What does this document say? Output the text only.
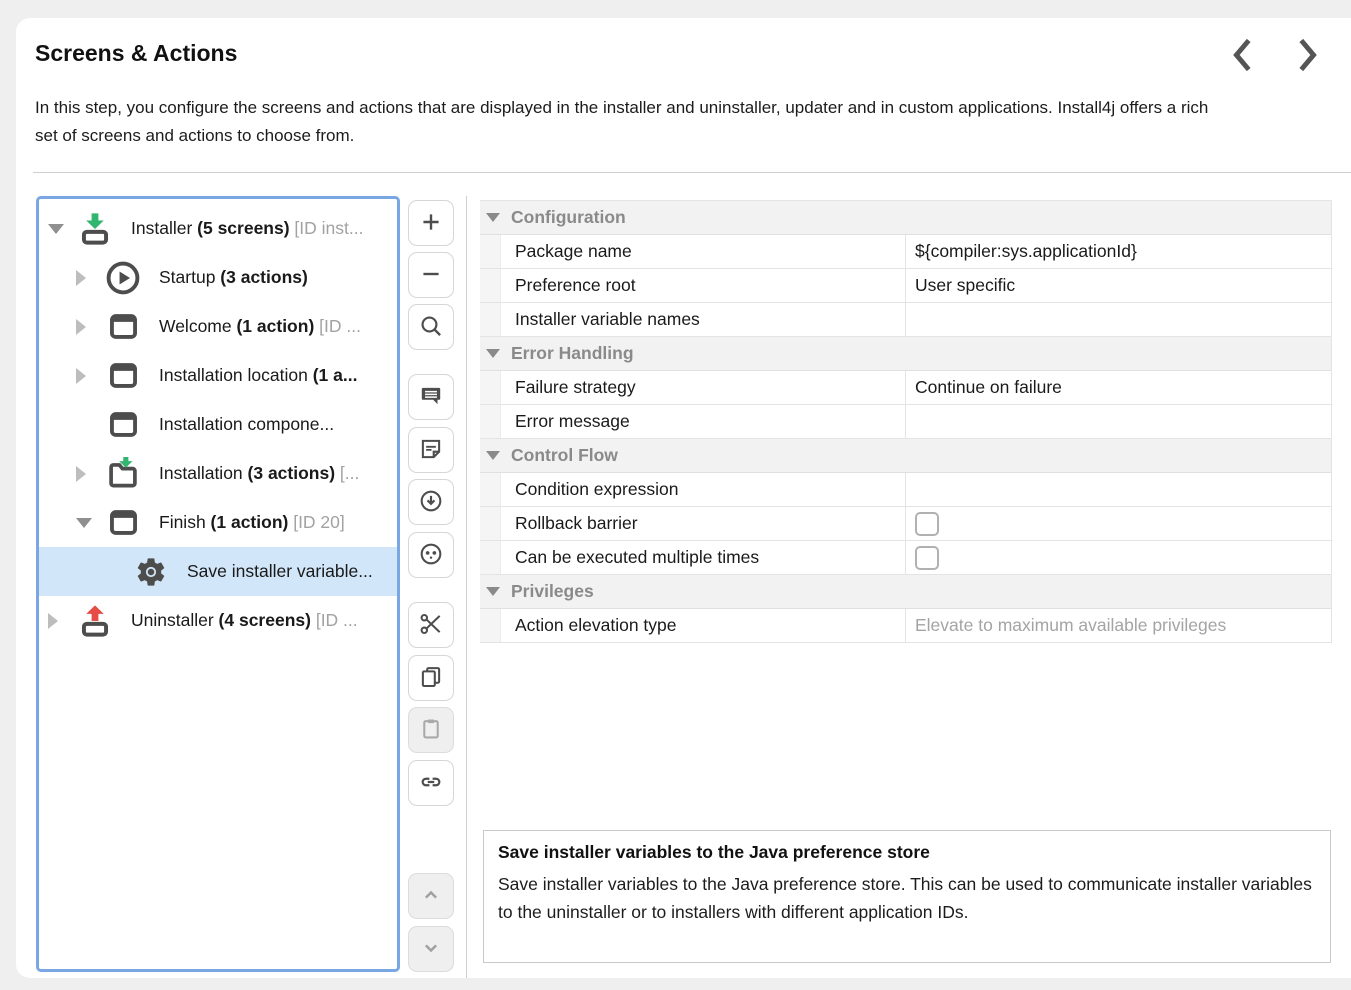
Screens & Actions
In this step, you configure the screens and actions that are displayed in the installer and uninstaller, updater and in custom applications. Install4j offers a rich set of screens and actions to choose from.
Installer (5 screens) [ID inst...
Startup (3 actions)
Welcome (1 action) [ID ...
Installation location (1 a...
Installation compone...
Installation (3 actions) [...
Finish (1 action) [ID 20]
Save installer variable...
Uninstaller (4 screens) [ID ...
Configuration
Package name	${compiler:sys.applicationId}
Preference root	User specific
Installer variable names
Error Handling
Failure strategy	Continue on failure
Error message
Control Flow
Condition expression
Rollback barrier
Can be executed multiple times
Privileges
Action elevation type	Elevate to maximum available privileges
Save installer variables to the Java preference store
Save installer variables to the Java preference store. This can be used to communicate installer variables to the uninstaller or to installers with different application IDs.
